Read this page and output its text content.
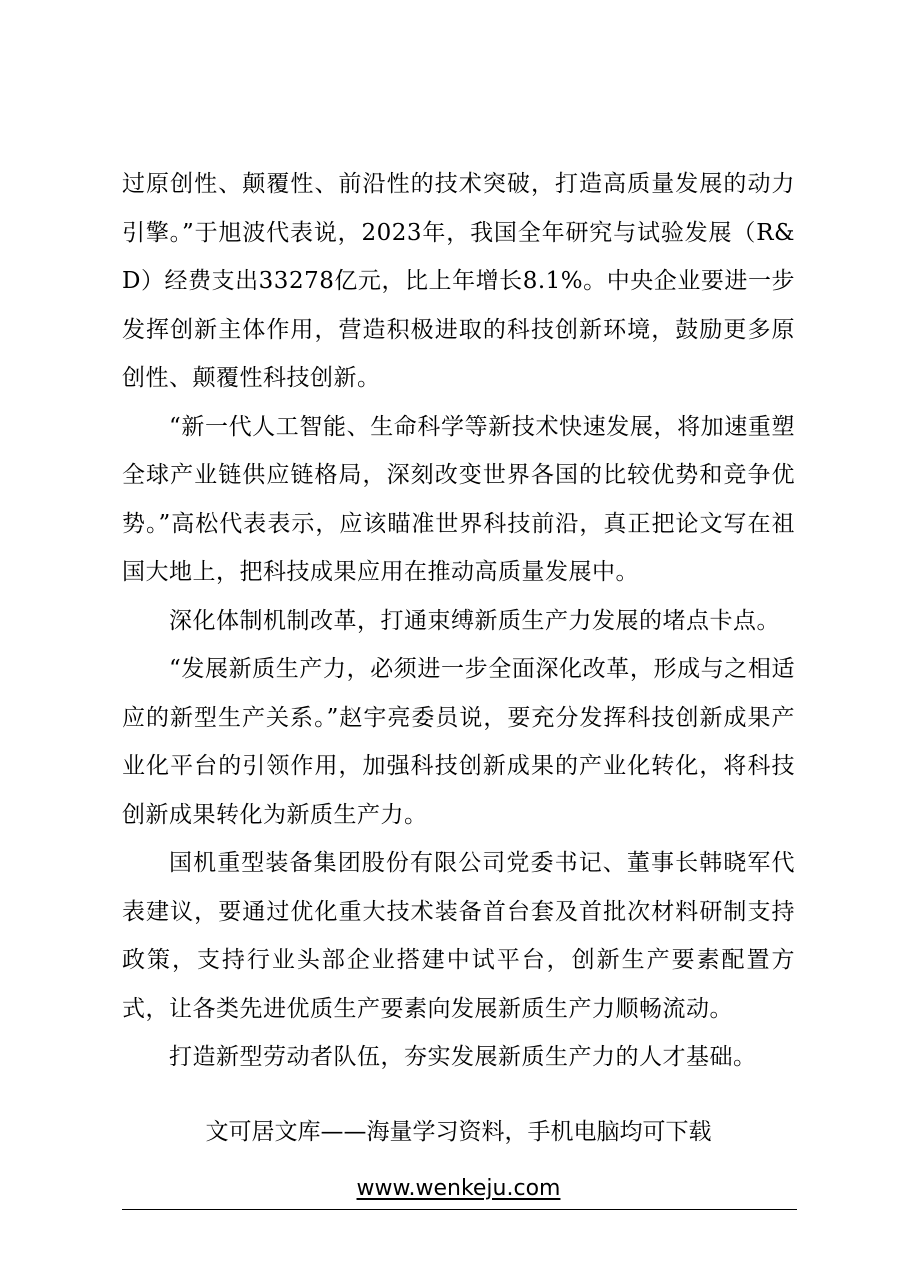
过原创性、颠覆性、前沿性的技术突破，打造高质量发展的动力引擎。”于旭波代表说，2023年，我国全年研究与试验发展（R&D）经费支出33278亿元，比上年增长8.1%。中央企业要进一步发挥创新主体作用，营造积极进取的科技创新环境，鼓励更多原创性、颠覆性科技创新。

“新一代人工智能、生命科学等新技术快速发展，将加速重塑全球产业链供应链格局，深刻改变世界各国的比较优势和竞争优势。”高松代表表示，应该瞄准世界科技前沿，真正把论文写在祖国大地上，把科技成果应用在推动高质量发展中。

深化体制机制改革，打通束缚新质生产力发展的堵点卡点。

“发展新质生产力，必须进一步全面深化改革，形成与之相适应的新型生产关系。”赵宇亮委员说，要充分发挥科技创新成果产业化平台的引领作用，加强科技创新成果的产业化转化，将科技创新成果转化为新质生产力。

国机重型装备集团股份有限公司党委书记、董事长韩晓军代表建议，要通过优化重大技术装备首台套及首批次材料研制支持政策，支持行业头部企业搭建中试平台，创新生产要素配置方式，让各类先进优质生产要素向发展新质生产力顺畅流动。

打造新型劳动者队伍，夯实发展新质生产力的人才基础。

文可居文库——海量学习资料，手机电脑均可下载
www.wenkeju.com
